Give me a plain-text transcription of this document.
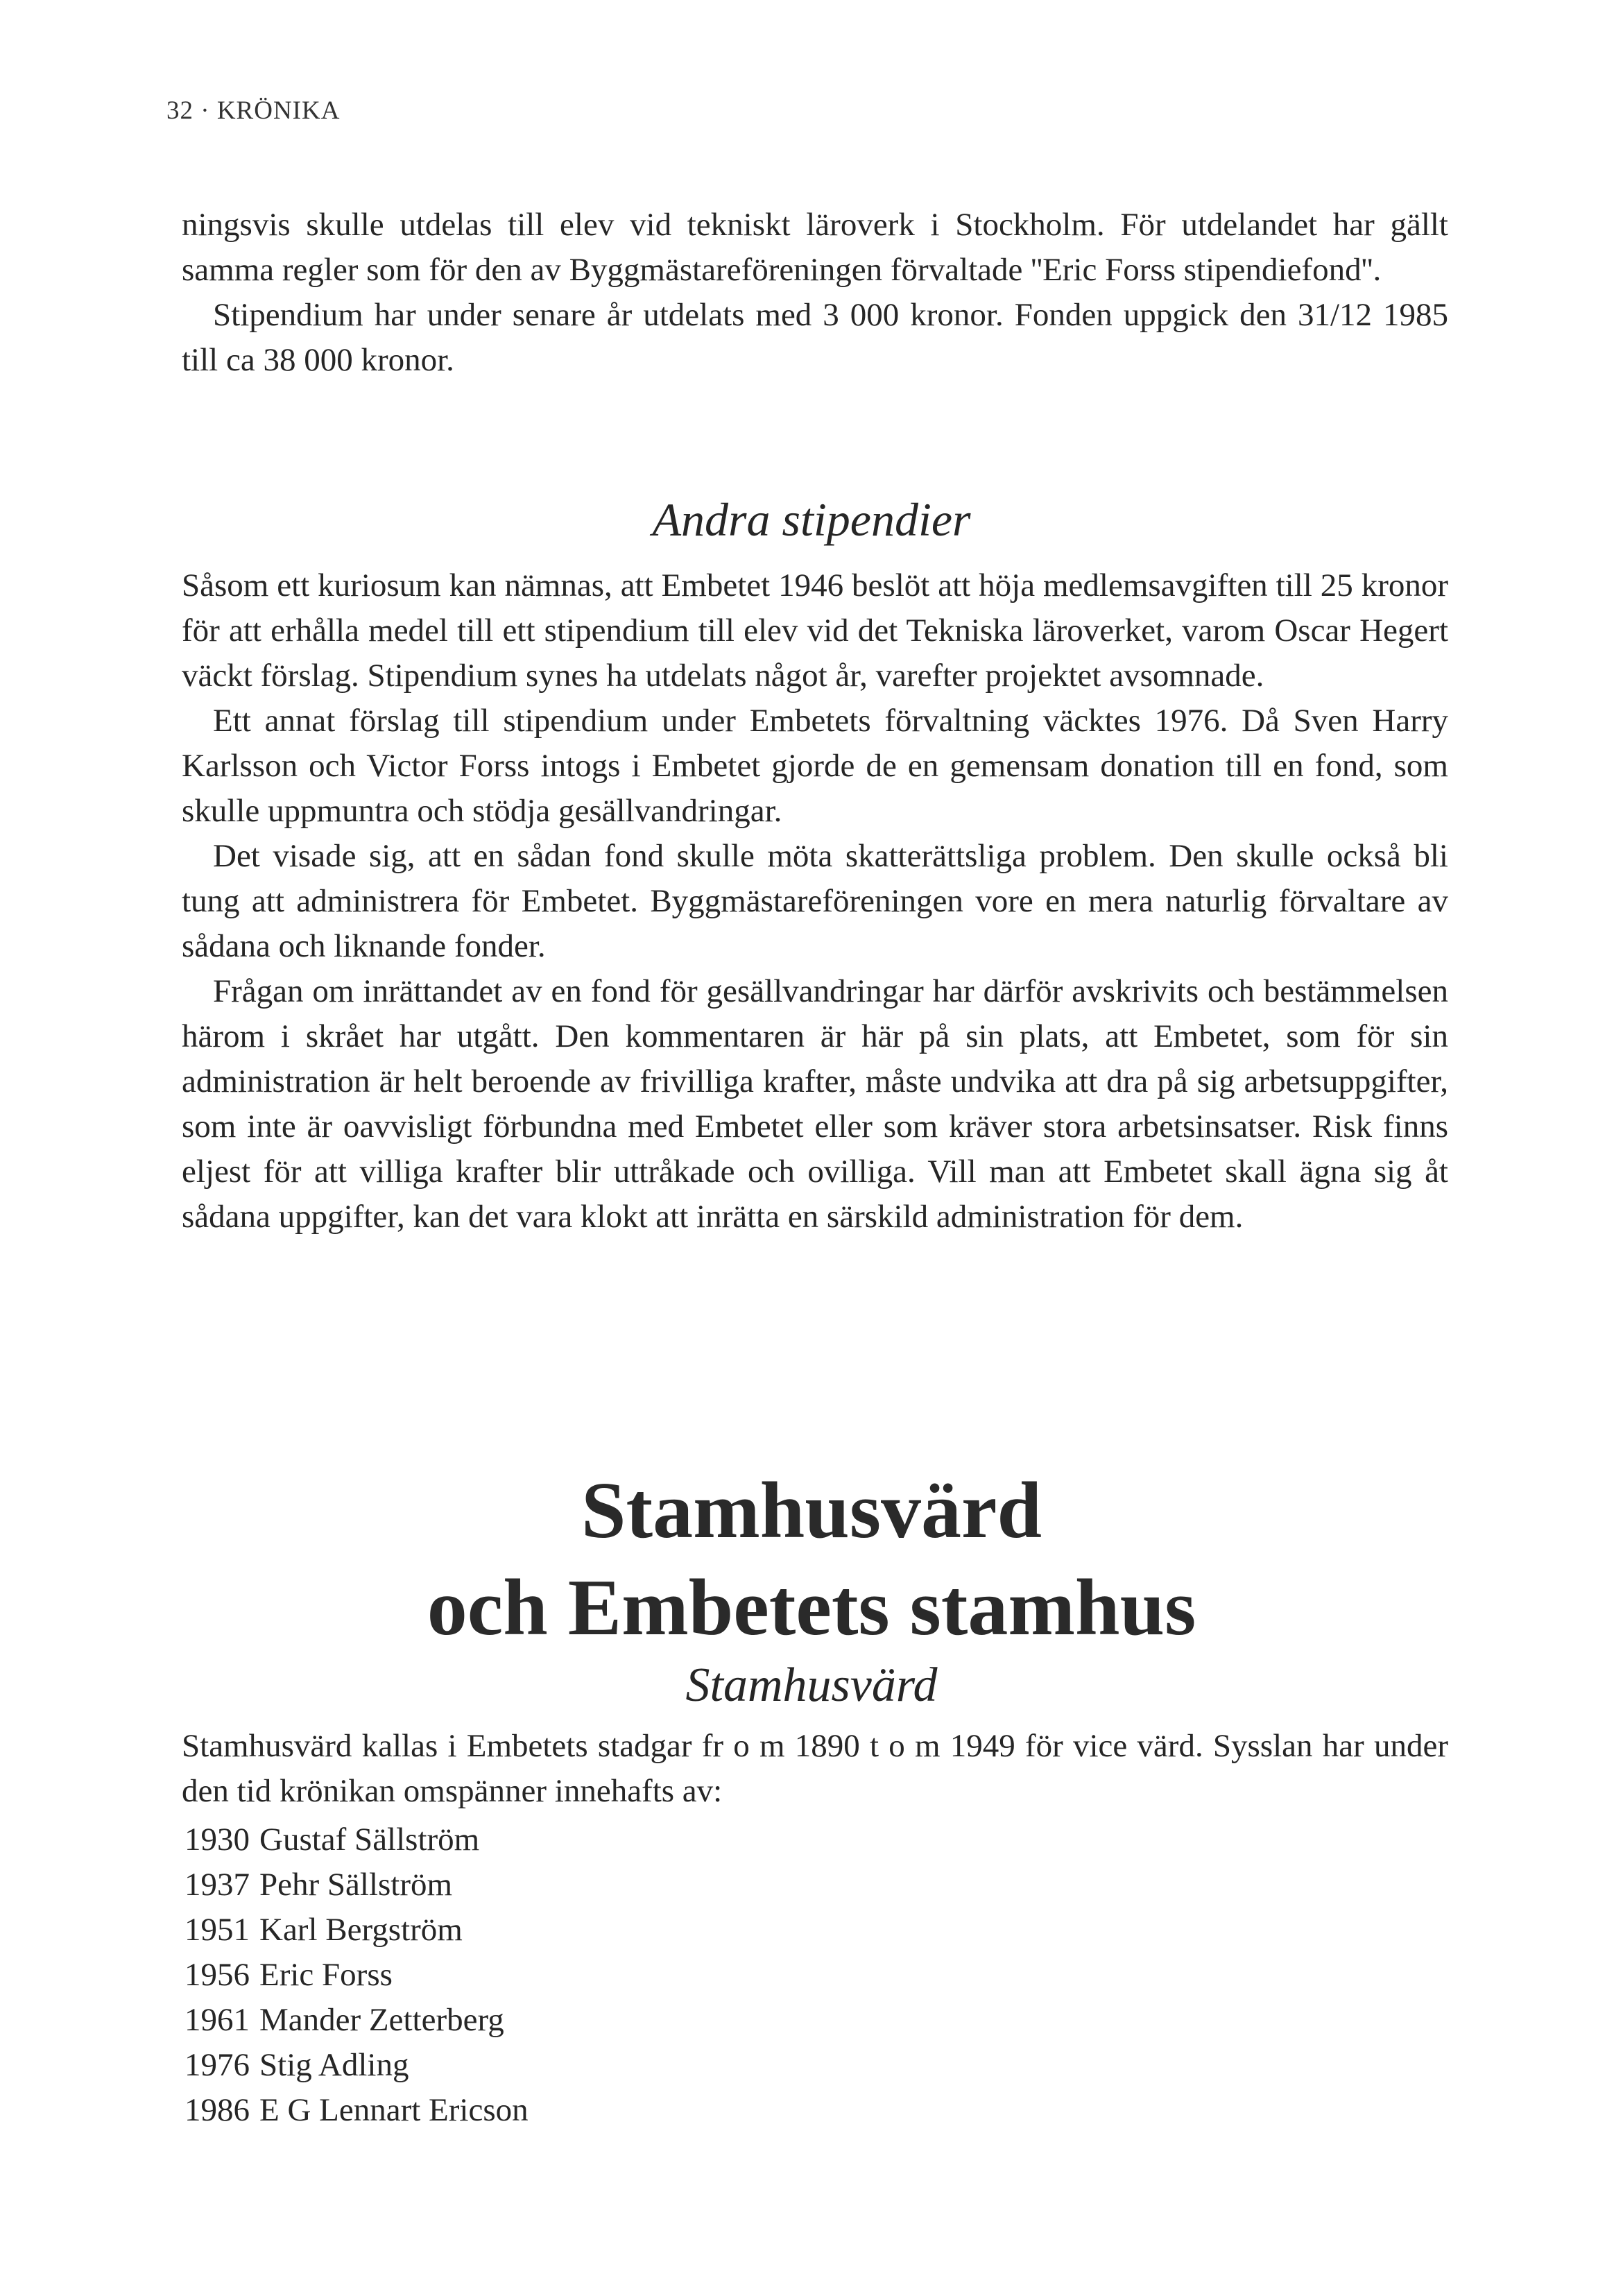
32 · KRÖNIKA

ningsvis skulle utdelas till elev vid tekniskt läroverk i Stockholm. För utdelandet har gällt samma regler som för den av Byggmästareföreningen förvaltade ''Eric Forss stipendiefond''.

Stipendium har under senare år utdelats med 3 000 kronor. Fonden uppgick den 31/12 1985 till ca 38 000 kronor.

Andra stipendier

Såsom ett kuriosum kan nämnas, att Embetet 1946 beslöt att höja medlemsavgiften till 25 kronor för att erhålla medel till ett stipendium till elev vid det Tekniska läroverket, varom Oscar Hegert väckt förslag. Stipendium synes ha utdelats något år, varefter projektet avsomnade.

Ett annat förslag till stipendium under Embetets förvaltning väcktes 1976. Då Sven Harry Karlsson och Victor Forss intogs i Embetet gjorde de en gemensam donation till en fond, som skulle uppmuntra och stödja gesällvandringar.

Det visade sig, att en sådan fond skulle möta skatterättsliga problem. Den skulle också bli tung att administrera för Embetet. Byggmästareföreningen vore en mera naturlig förvaltare av sådana och liknande fonder.

Frågan om inrättandet av en fond för gesällvandringar har därför avskrivits och bestämmelsen härom i skrået har utgått. Den kommentaren är här på sin plats, att Embetet, som för sin administration är helt beroende av frivilliga krafter, måste undvika att dra på sig arbetsuppgifter, som inte är oavvisligt förbundna med Embetet eller som kräver stora arbetsinsatser. Risk finns eljest för att villiga krafter blir uttråkade och ovilliga. Vill man att Embetet skall ägna sig åt sådana uppgifter, kan det vara klokt att inrätta en särskild administration för dem.

Stamhusvärd
och Embetets stamhus
Stamhusvärd

Stamhusvärd kallas i Embetets stadgar fr o m 1890 t o m 1949 för vice värd. Sysslan har under den tid krönikan omspänner innehafts av:

1930 Gustaf Sällström
1937 Pehr Sällström
1951 Karl Bergström
1956 Eric Forss
1961 Mander Zetterberg
1976 Stig Adling
1986 E G Lennart Ericson
